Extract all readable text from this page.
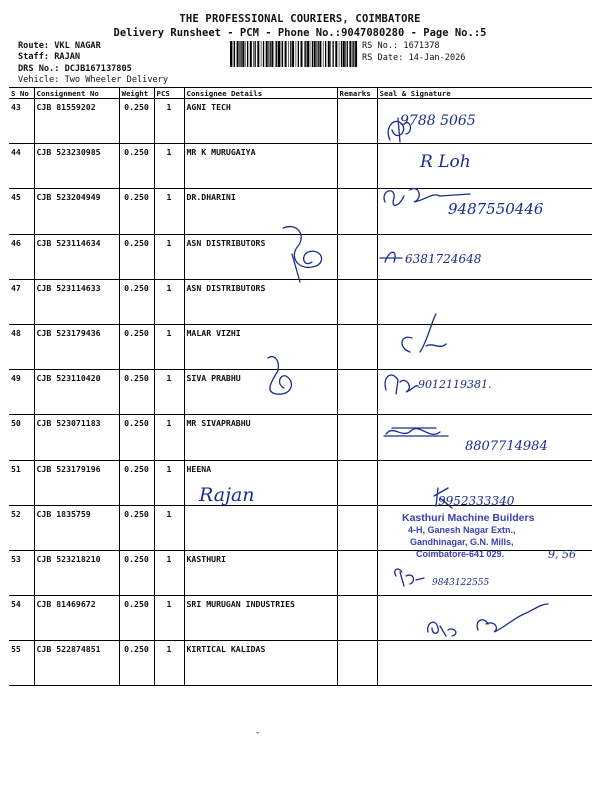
THE PROFESSIONAL COURIERS, COIMBATORE
Delivery Runsheet - PCM - Phone No.:9047080280 - Page No.:5
Route: VKL NAGAR
Staff: RAJAN
DRS No.: DCJB167137805
Vehicle: Two Wheeler Delivery
RS No.: 1671378
RS Date: 14-Jan-2026
S No	Consignment No	Weight	PCS	Consignee Details	Remarks	Seal & Signature
43	CJB 81559202	0.250	1	AGNI TECH		
44	CJB 523230985	0.250	1	MR K MURUGAIYA		
45	CJB 523204949	0.250	1	DR.DHARINI		
46	CJB 523114634	0.250	1	ASN DISTRIBUTORS		
47	CJB 523114633	0.250	1	ASN DISTRIBUTORS		
48	CJB 523179436	0.250	1	MALAR VIZHI		
49	CJB 523110420	0.250	1	SIVA PRABHU		
50	CJB 523071183	0.250	1	MR SIVAPRABHU		
51	CJB 523179196	0.250	1	HEENA		
52	CJB 1835759	0.250	1			
53	CJB 523218210	0.250	1	KASTHURI		
54	CJB 81469672	0.250	1	SRI MURUGAN INDUSTRIES		
55	CJB 522874851	0.250	1	KIRTICAL KALIDAS		
9788 5065
R Loh
9487550446
6381724648
9012119381.
8807714984
Rajan	9952333340
9, 56
9843122555
Kasthuri Machine Builders
4-H, Ganesh Nagar Extn.,
Gandhinagar, G.N. Mills,
Coimbatore-641 029.
-
